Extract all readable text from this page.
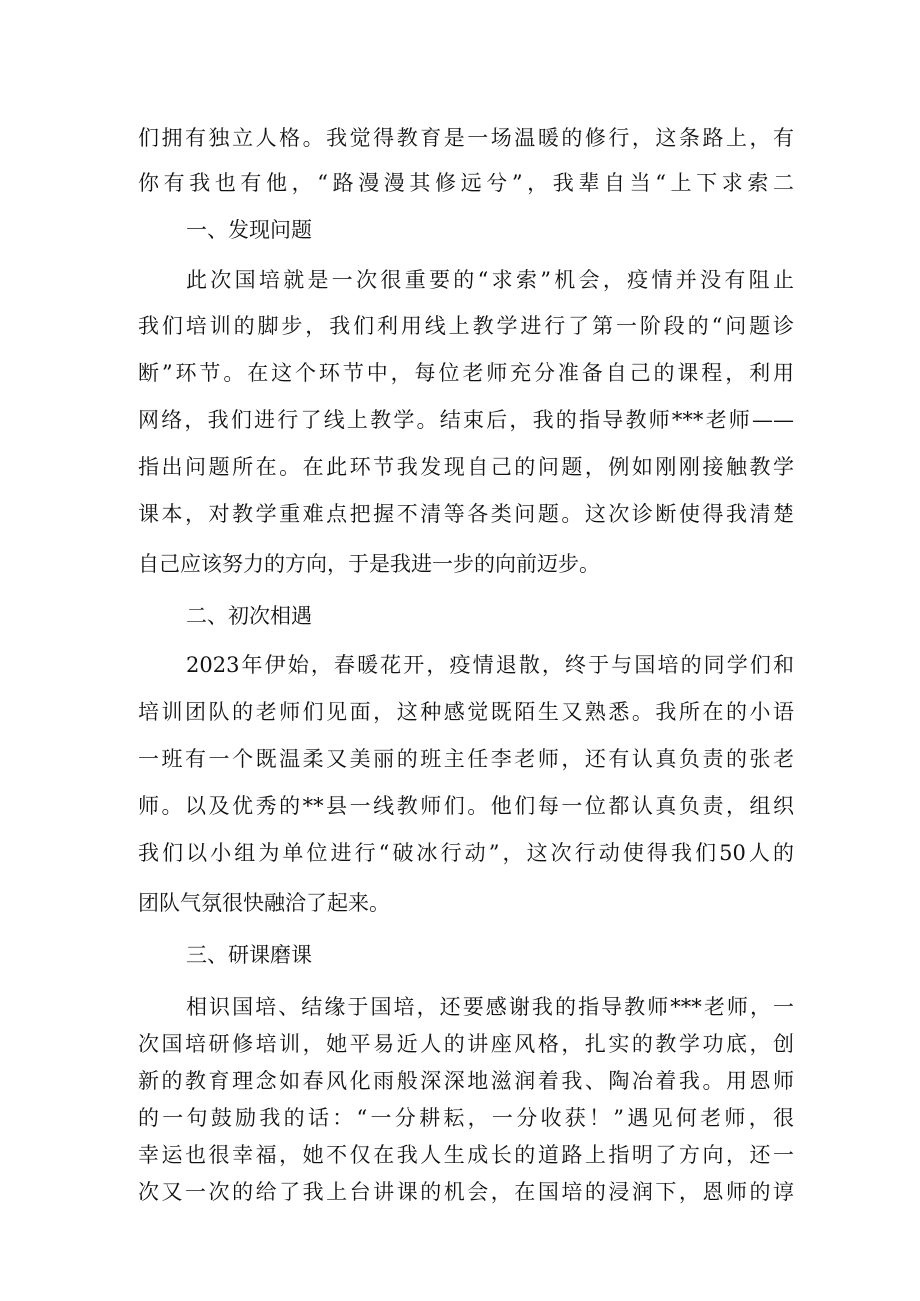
们拥有独立人格。我觉得教育是一场温暖的修行，这条路上，有
你有我也有他，“路漫漫其修远兮”，我辈自当“上下求索二
一、发现问题
此次国培就是一次很重要的“求索”机会，疫情并没有阻止
我们培训的脚步，我们利用线上教学进行了第一阶段的“问题诊
断”环节。在这个环节中，每位老师充分准备自己的课程，利用
网络，我们进行了线上教学。结束后，我的指导教师***老师——
指出问题所在。在此环节我发现自己的问题，例如刚刚接触教学
课本，对教学重难点把握不清等各类问题。这次诊断使得我清楚
自己应该努力的方向，于是我进一步的向前迈步。
二、初次相遇
2023年伊始，春暖花开，疫情退散，终于与国培的同学们和
培训团队的老师们见面，这种感觉既陌生又熟悉。我所在的小语
一班有一个既温柔又美丽的班主任李老师，还有认真负责的张老
师。以及优秀的**县一线教师们。他们每一位都认真负责，组织
我们以小组为单位进行“破冰行动”，这次行动使得我们50人的
团队气氛很快融洽了起来。
三、研课磨课
相识国培、结缘于国培，还要感谢我的指导教师***老师，一
次国培研修培训，她平易近人的讲座风格，扎实的教学功底，创
新的教育理念如春风化雨般深深地滋润着我、陶冶着我。用恩师
的一句鼓励我的话：“一分耕耘，一分收获！”遇见何老师，很
幸运也很幸福，她不仅在我人生成长的道路上指明了方向，还一
次又一次的给了我上台讲课的机会，在国培的浸润下，恩师的谆
